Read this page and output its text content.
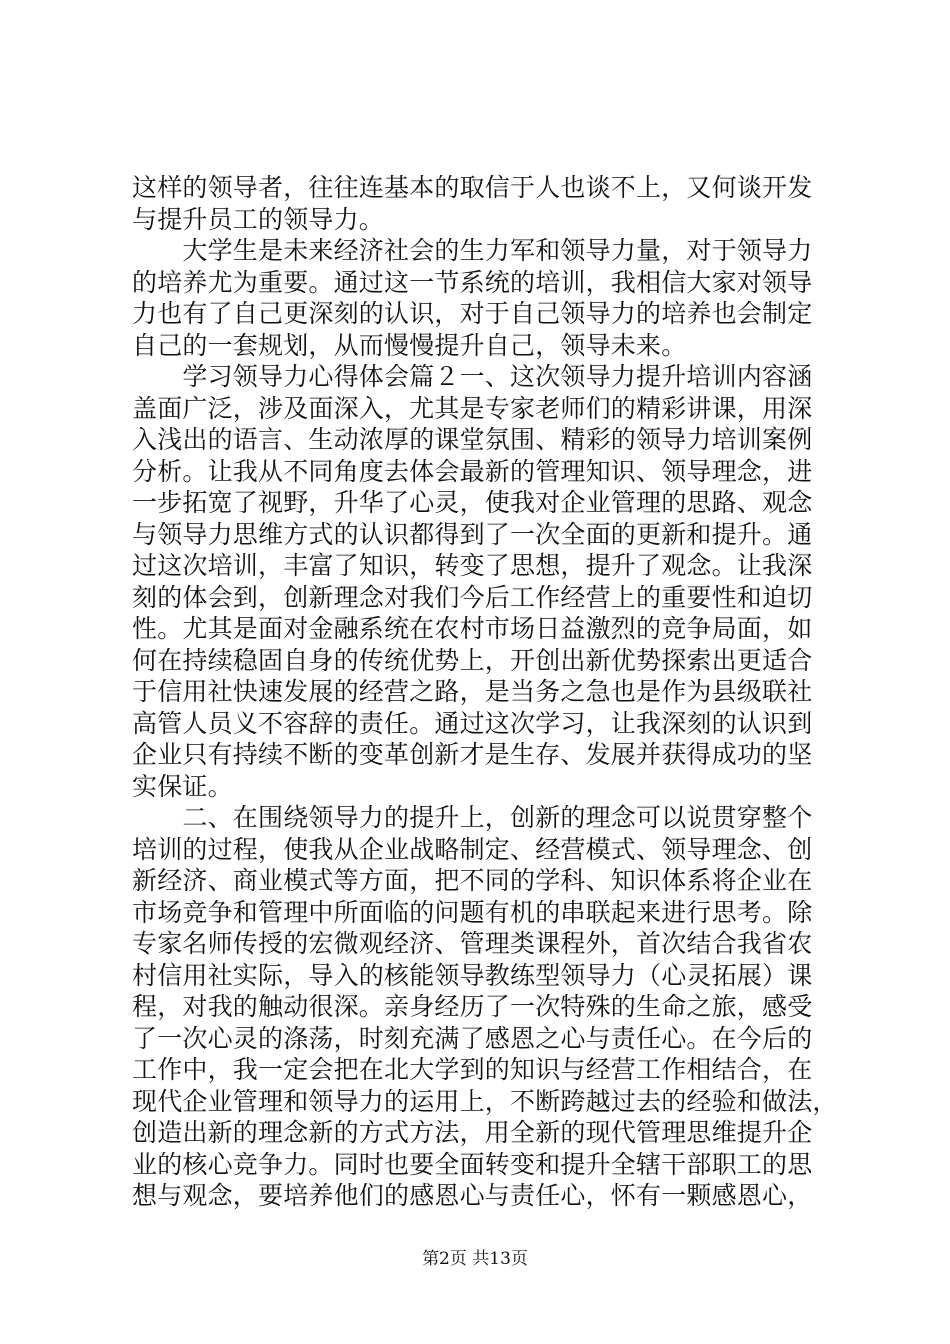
这样的领导者，往往连基本的取信于人也谈不上，又何谈开发
与提升员工的领导力。
　　大学生是未来经济社会的生力军和领导力量，对于领导力
的培养尤为重要。通过这一节系统的培训，我相信大家对领导
力也有了自己更深刻的认识，对于自己领导力的培养也会制定
自己的一套规划，从而慢慢提升自己，领导未来。
　　学习领导力心得体会篇２一、这次领导力提升培训内容涵
盖面广泛，涉及面深入，尤其是专家老师们的精彩讲课，用深
入浅出的语言、生动浓厚的课堂氛围、精彩的领导力培训案例
分析。让我从不同角度去体会最新的管理知识、领导理念，进
一步拓宽了视野，升华了心灵，使我对企业管理的思路、观念
与领导力思维方式的认识都得到了一次全面的更新和提升。通
过这次培训，丰富了知识，转变了思想，提升了观念。让我深
刻的体会到，创新理念对我们今后工作经营上的重要性和迫切
性。尤其是面对金融系统在农村市场日益激烈的竞争局面，如
何在持续稳固自身的传统优势上，开创出新优势探索出更适合
于信用社快速发展的经营之路，是当务之急也是作为县级联社
高管人员义不容辞的责任。通过这次学习，让我深刻的认识到
企业只有持续不断的变革创新才是生存、发展并获得成功的坚
实保证。
　　二、在围绕领导力的提升上，创新的理念可以说贯穿整个
培训的过程，使我从企业战略制定、经营模式、领导理念、创
新经济、商业模式等方面，把不同的学科、知识体系将企业在
市场竞争和管理中所面临的问题有机的串联起来进行思考。除
专家名师传授的宏微观经济、管理类课程外，首次结合我省农
村信用社实际，导入的核能领导教练型领导力（心灵拓展）课
程，对我的触动很深。亲身经历了一次特殊的生命之旅，感受
了一次心灵的涤荡，时刻充满了感恩之心与责任心。在今后的
工作中，我一定会把在北大学到的知识与经营工作相结合，在
现代企业管理和领导力的运用上，不断跨越过去的经验和做法，
创造出新的理念新的方式方法，用全新的现代管理思维提升企
业的核心竞争力。同时也要全面转变和提升全辖干部职工的思
想与观念，要培养他们的感恩心与责任心，怀有一颗感恩心，
第2页 共13页
